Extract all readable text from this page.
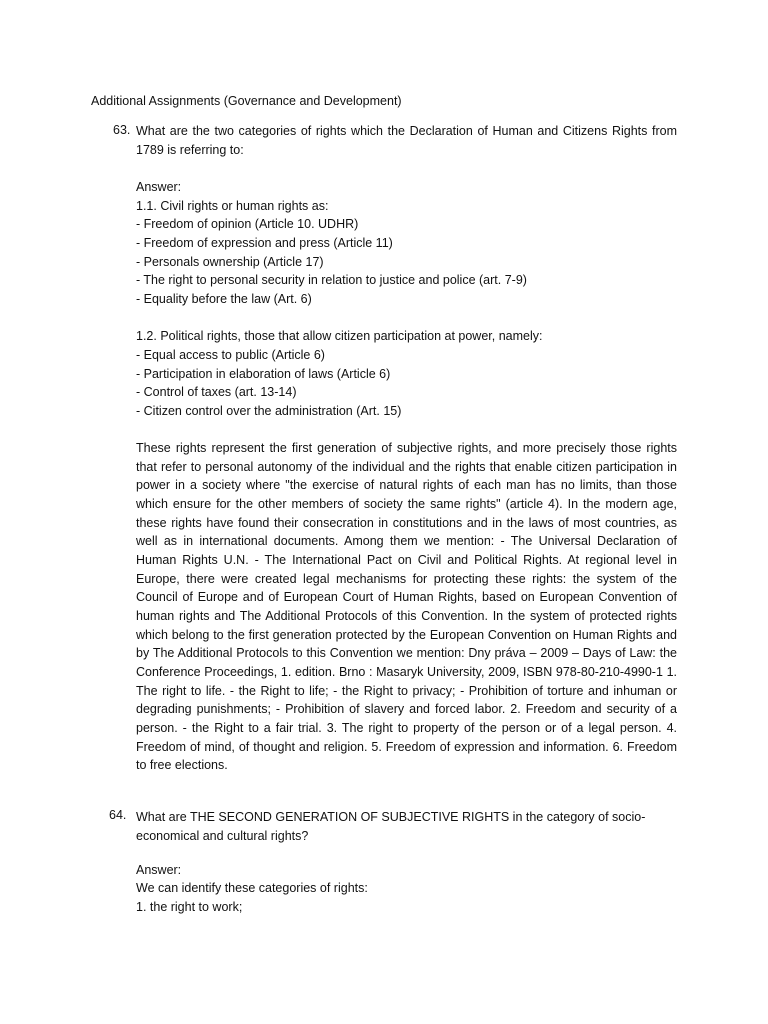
Additional Assignments (Governance and Development)
63. What are the two categories of rights which the Declaration of Human and Citizens Rights from 1789 is referring to:
Answer:
1.1. Civil rights or human rights as:
- Freedom of opinion (Article 10. UDHR)
- Freedom of expression and press (Article 11)
- Personals ownership (Article 17)
- The right to personal security in relation to justice and police (art. 7-9)
- Equality before the law (Art. 6)
1.2. Political rights, those that allow citizen participation at power, namely:
- Equal access to public (Article 6)
- Participation in elaboration of laws (Article 6)
- Control of taxes (art. 13-14)
- Citizen control over the administration (Art. 15)
These rights represent the first generation of subjective rights, and more precisely those rights that refer to personal autonomy of the individual and the rights that enable citizen participation in power in a society where "the exercise of natural rights of each man has no limits, than those which ensure for the other members of society the same rights" (article 4). In the modern age, these rights have found their consecration in constitutions and in the laws of most countries, as well as in international documents. Among them we mention: - The Universal Declaration of Human Rights U.N. - The International Pact on Civil and Political Rights. At regional level in Europe, there were created legal mechanisms for protecting these rights: the system of the Council of Europe and of European Court of Human Rights, based on European Convention of human rights and The Additional Protocols of this Convention. In the system of protected rights which belong to the first generation protected by the European Convention on Human Rights and by The Additional Protocols to this Convention we mention: Dny práva – 2009 – Days of Law: the Conference Proceedings, 1. edition. Brno : Masaryk University, 2009, ISBN 978-80-210-4990-1 1. The right to life. - the Right to life; - the Right to privacy; - Prohibition of torture and inhuman or degrading punishments; - Prohibition of slavery and forced labor. 2. Freedom and security of a person. - the Right to a fair trial. 3. The right to property of the person or of a legal person. 4. Freedom of mind, of thought and religion. 5. Freedom of expression and information. 6. Freedom to free elections.
64. What are THE SECOND GENERATION OF SUBJECTIVE RIGHTS in the category of socio-economical and cultural rights?
Answer:
We can identify these categories of rights:
1. the right to work;
